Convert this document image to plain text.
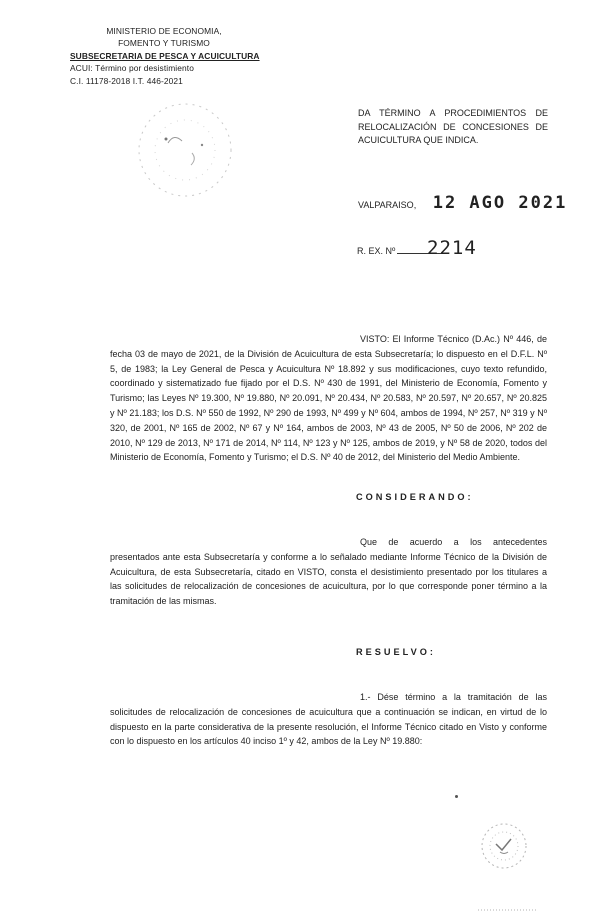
MINISTERIO DE ECONOMIA,
FOMENTO Y TURISMO
SUBSECRETARIA DE PESCA Y ACUICULTURA
ACUI: Término por desistimiento
C.I. 11178-2018 I.T. 446-2021
DA TÉRMINO A PROCEDIMIENTOS DE RELOCALIZACIÓN DE CONCESIONES DE ACUICULTURA QUE INDICA.
VALPARAISO, 12 AGO 2021
R. EX. Nº 2214
VISTO: El Informe Técnico (D.Ac.) Nº 446, de fecha 03 de mayo de 2021, de la División de Acuicultura de esta Subsecretaría; lo dispuesto en el D.F.L. Nº 5, de 1983; la Ley General de Pesca y Acuicultura Nº 18.892 y sus modificaciones, cuyo texto refundido, coordinado y sistematizado fue fijado por el D.S. Nº 430 de 1991, del Ministerio de Economía, Fomento y Turismo; las Leyes Nº 19.300, Nº 19.880, Nº 20.091, Nº 20.434, Nº 20.583, Nº 20.597, Nº 20.657, Nº 20.825 y Nº 21.183; los D.S. Nº 550 de 1992, Nº 290 de 1993, Nº 499 y Nº 604, ambos de 1994, Nº 257, Nº 319 y Nº 320, de 2001, Nº 165 de 2002, Nº 67 y Nº 164, ambos de 2003, Nº 43 de 2005, Nº 50 de 2006, Nº 202 de 2010, Nº 129 de 2013, Nº 171 de 2014, Nº 114, Nº 123 y Nº 125, ambos de 2019, y Nº 58 de 2020, todos del Ministerio de Economía, Fomento y Turismo; el D.S. Nº 40 de 2012, del Ministerio del Medio Ambiente.
CONSIDERANDO:
Que de acuerdo a los antecedentes presentados ante esta Subsecretaría y conforme a lo señalado mediante Informe Técnico de la División de Acuicultura, de esta Subsecretaría, citado en VISTO, consta el desistimiento presentado por los titulares a las solicitudes de relocalización de concesiones de acuicultura, por lo que corresponde poner término a la tramitación de las mismas.
RESUELVO:
1.- Dése término a la tramitación de las solicitudes de relocalización de concesiones de acuicultura que a continuación se indican, en virtud de lo dispuesto en la parte considerativa de la presente resolución, el Informe Técnico citado en Visto y conforme con lo dispuesto en los artículos 40 inciso 1º y 42, ambos de la Ley Nº 19.880:
